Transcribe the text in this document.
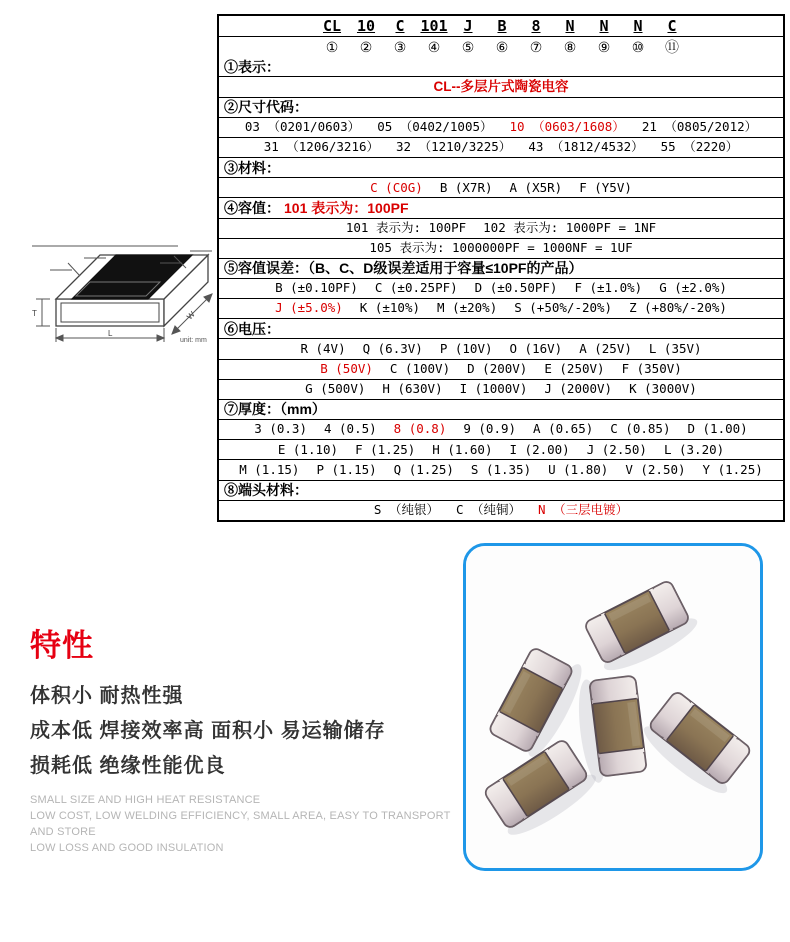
CL	10	C	101	J	B	8	N	N	N	C
①	②	③	④	⑤	⑥	⑦	⑧	⑨	⑩	⑪
①表示：
CL--多层片式陶瓷电容
②尺寸代码：
03 （0201/0603） 05 （0402/1005） 10 （0603/1608） 21 （0805/2012）
31 （1206/3216） 32 （1210/3225） 43 （1812/4532） 55 （2220）
③材料：
C (C0G) B (X7R) A (X5R) F (Y5V)
④容值： 101 表示为：100PF
101 表示为: 100PF 102 表示为: 1000PF = 1NF
105 表示为: 1000000PF = 1000NF = 1UF
⑤容值误差：（B、C、D级误差适用于容量≤10PF的产品）
B (±0.10PF) C (±0.25PF) D (±0.50PF) F (±1.0%) G (±2.0%)
J (±5.0%) K (±10%) M (±20%) S (+50%/-20%) Z (+80%/-20%)
⑥电压：
R (4V) Q (6.3V) P (10V) O (16V) A (25V) L (35V)
B (50V) C (100V) D (200V) E (250V) F (350V)
G (500V) H (630V) I (1000V) J (2000V) K (3000V)
⑦厚度：（mm）
3 (0.3) 4 (0.5) 8 (0.8) 9 (0.9) A (0.65) C (0.85) D (1.00)
E (1.10) F (1.25) H (1.60) I (2.00) J (2.50) L (3.20)
M (1.15) P (1.15) Q (1.25) S (1.35) U (1.80) V (2.50) Y (1.25)
⑧端头材料：
S （纯银） C （纯铜） N （三层电镀）
L
W
T
unit: mm
特性
体积小 耐热性强
成本低 焊接效率高 面积小 易运输储存
损耗低 绝缘性能优良
SMALL SIZE AND HIGH HEAT RESISTANCE
LOW COST, LOW WELDING EFFICIENCY, SMALL AREA, EASY TO TRANSPORT AND STORE
LOW LOSS AND GOOD INSULATION
